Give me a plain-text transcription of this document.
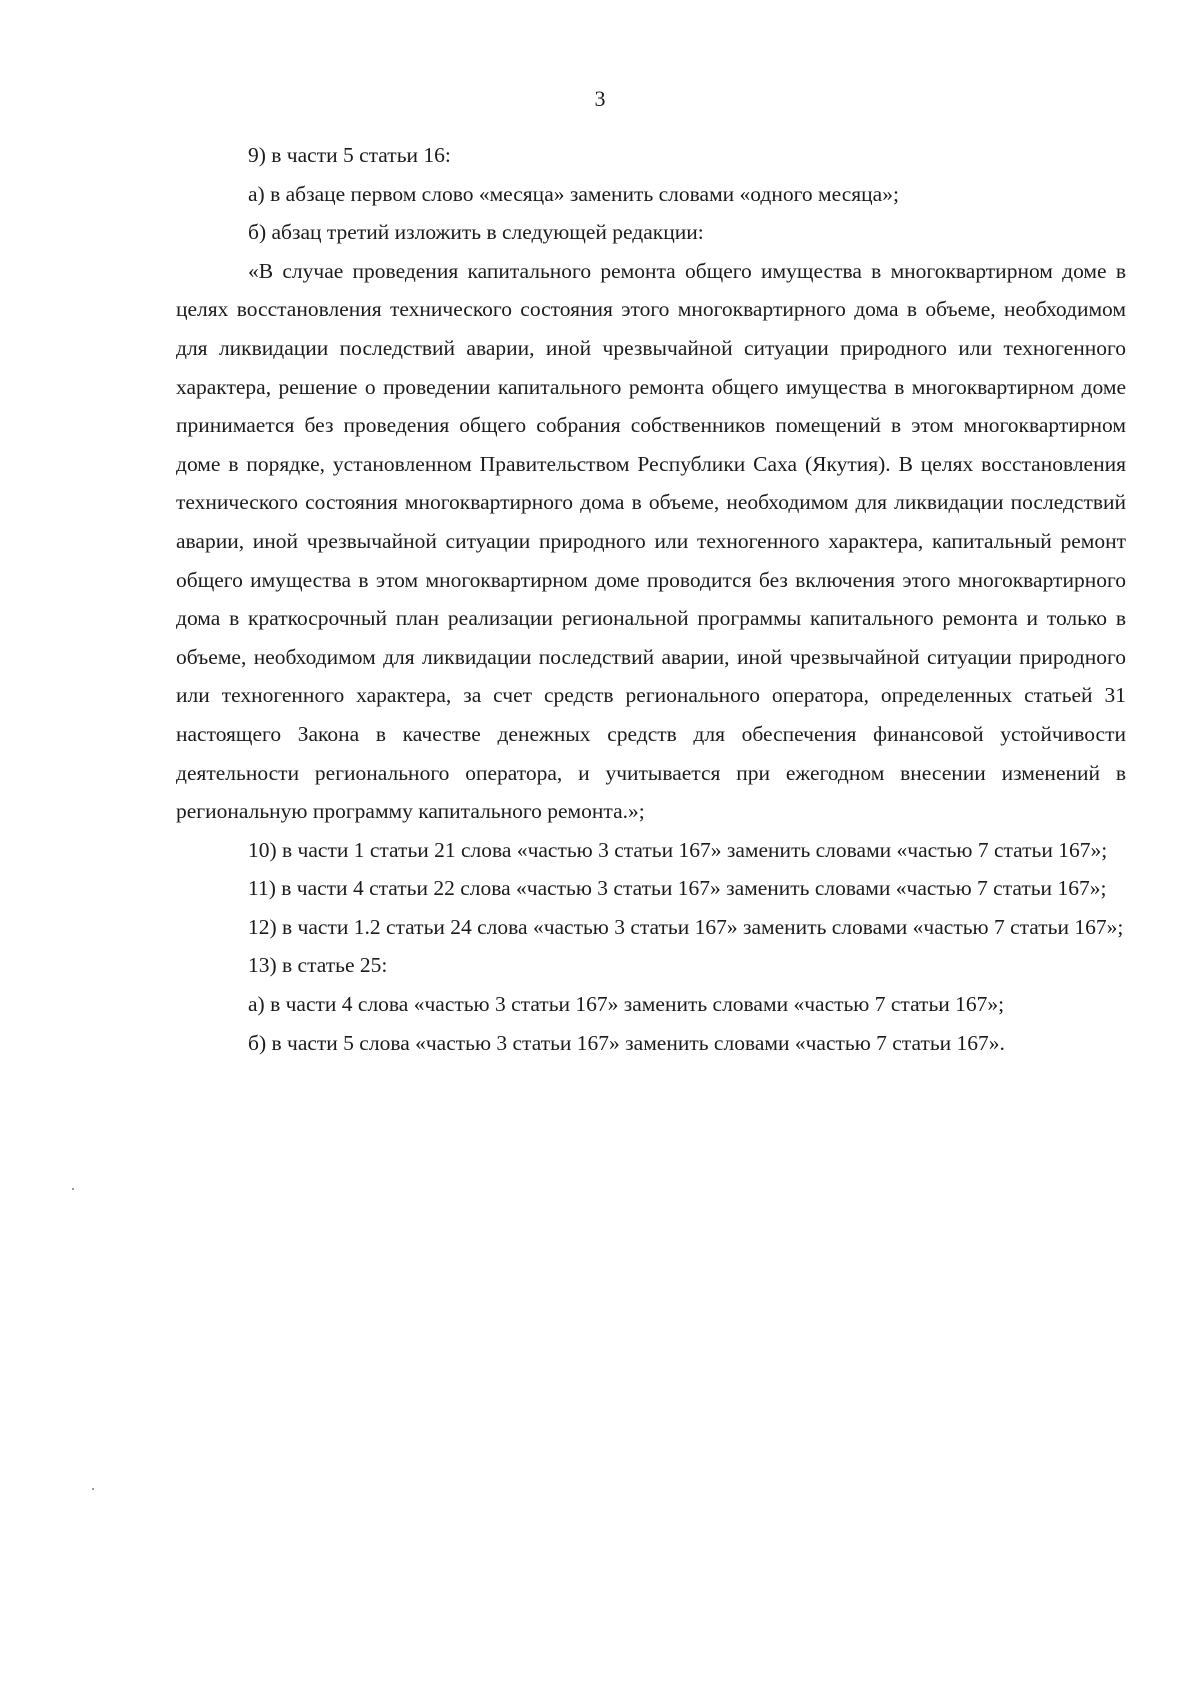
3

9) в части 5 статьи 16:

а) в абзаце первом слово «месяца» заменить словами «одного месяца»;

б) абзац третий изложить в следующей редакции:

«В случае проведения капитального ремонта общего имущества в многоквартирном доме в целях восстановления технического состояния этого многоквартирного дома в объеме, необходимом для ликвидации последствий аварии, иной чрезвычайной ситуации природного или техногенного характера, решение о проведении капитального ремонта общего имущества в многоквартирном доме принимается без проведения общего собрания собственников помещений в этом многоквартирном доме в порядке, установленном Правительством Республики Саха (Якутия). В целях восстановления технического состояния многоквартирного дома в объеме, необходимом для ликвидации последствий аварии, иной чрезвычайной ситуации природного или техногенного характера, капитальный ремонт общего имущества в этом многоквартирном доме проводится без включения этого многоквартирного дома в краткосрочный план реализации региональной программы капитального ремонта и только в объеме, необходимом для ликвидации последствий аварии, иной чрезвычайной ситуации природного или техногенного характера, за счет средств регионального оператора, определенных статьей 31 настоящего Закона в качестве денежных средств для обеспечения финансовой устойчивости деятельности регионального оператора, и учитывается при ежегодном внесении изменений в региональную программу капитального ремонта.»;

10) в части 1 статьи 21 слова «частью 3 статьи 167» заменить словами «частью 7 статьи 167»;

11) в части 4 статьи 22 слова «частью 3 статьи 167» заменить словами «частью 7 статьи 167»;

12) в части 1.2 статьи 24 слова «частью 3 статьи 167» заменить словами «частью 7 статьи 167»;

13) в статье 25:

а) в части 4 слова «частью 3 статьи 167» заменить словами «частью 7 статьи 167»;

б) в части 5 слова «частью 3 статьи 167» заменить словами «частью 7 статьи 167».
